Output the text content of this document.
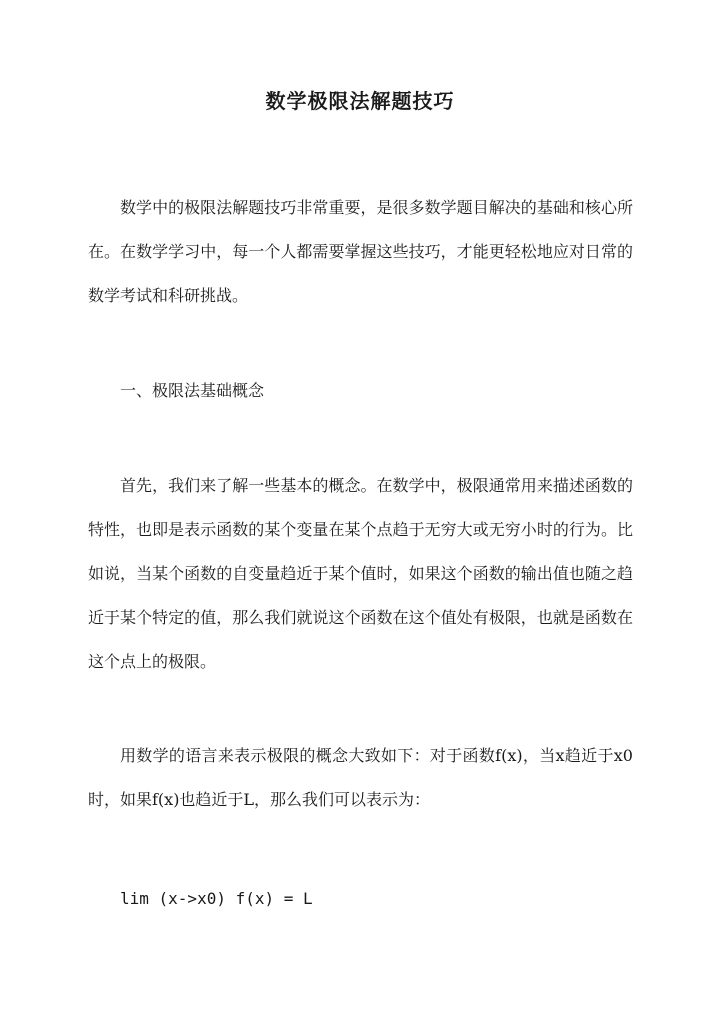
数学极限法解题技巧

数学中的极限法解题技巧非常重要，是很多数学题目解决的基础和核心所在。在数学学习中，每一个人都需要掌握这些技巧，才能更轻松地应对日常的数学考试和科研挑战。

一、极限法基础概念

首先，我们来了解一些基本的概念。在数学中，极限通常用来描述函数的特性，也即是表示函数的某个变量在某个点趋于无穷大或无穷小时的行为。比如说，当某个函数的自变量趋近于某个值时，如果这个函数的输出值也随之趋近于某个特定的值，那么我们就说这个函数在这个值处有极限，也就是函数在这个点上的极限。

用数学的语言来表示极限的概念大致如下：对于函数f(x)，当x趋近于x0时，如果f(x)也趋近于L，那么我们可以表示为：

lim (x->x0) f(x) = L
